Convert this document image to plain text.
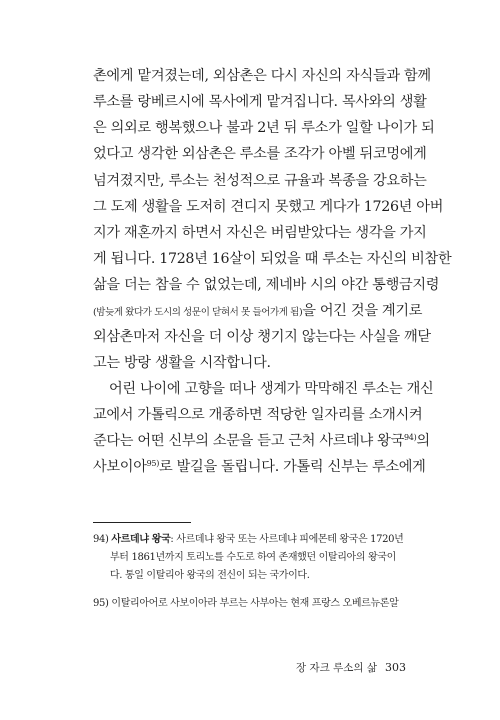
촌에게 맡겨졌는데, 외삼촌은 다시 자신의 자식들과 함께
루소를 랑베르시에 목사에게 맡겨집니다. 목사와의 생활
은 의외로 행복했으나 불과 2년 뒤 루소가 일할 나이가 되
었다고 생각한 외삼촌은 루소를 조각가 아벨 뒤코멍에게
넘겨졌지만, 루소는 천성적으로 규율과 복종을 강요하는
그 도제 생활을 도저히 견디지 못했고 게다가 1726년 아버
지가 재혼까지 하면서 자신은 버림받았다는 생각을 가지
게 됩니다. 1728년 16살이 되었을 때 루소는 자신의 비참한
삶을 더는 참을 수 없었는데, 제네바 시의 야간 통행금지령
(밤늦게 왔다가 도시의 성문이 닫혀서 못 들어가게 됨)을 어긴 것을 계기로
외삼촌마저 자신을 더 이상 챙기지 않는다는 사실을 깨닫
고는 방랑 생활을 시작합니다.
어린 나이에 고향을 떠나 생계가 막막해진 루소는 개신
교에서 가톨릭으로 개종하면 적당한 일자리를 소개시켜
준다는 어떤 신부의 소문을 듣고 근처 사르데냐 왕국$^{94)}$의
사보이아$^{95)}$로 발길을 돌립니다. 가톨릭 신부는 루소에게
94) 사르데냐 왕국: 사르데냐 왕국 또는 사르데냐 피에몬테 왕국은 1720년
부터 1861년까지 토리노를 수도로 하여 존재했던 이탈리아의 왕국이
다. 통일 이탈리아 왕국의 전신이 되는 국가이다.
95) 이탈리아어로 사보이아라 부르는 사부아는 현재 프랑스 오베르뉴론알
장 자크 루소의 삶 303
